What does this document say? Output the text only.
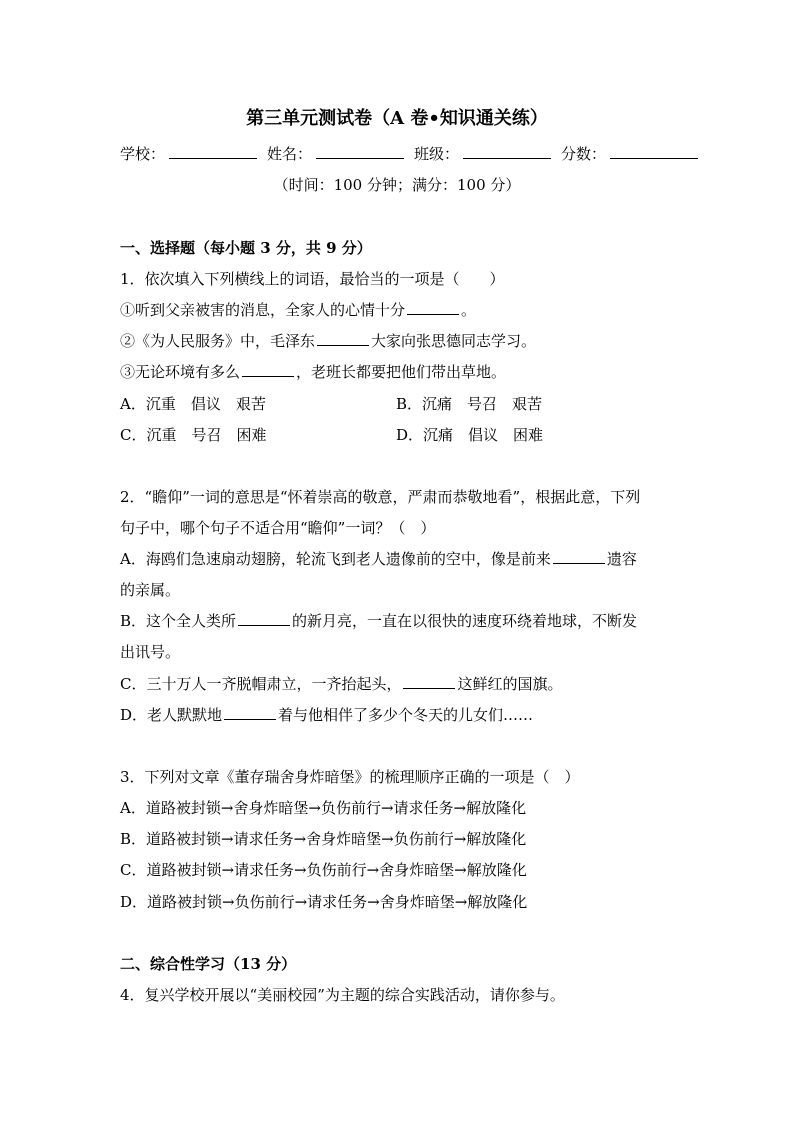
第三单元测试卷（A 卷•知识通关练）
学校：	姓名：	班级：	分数：
（时间：100 分钟；满分：100 分）
一、选择题（每小题 3 分，共 9 分）
1．依次填入下列横线上的词语，最恰当的一项是（　　）
①听到父亲被害的消息，全家人的心情十分	。
②《为人民服务》中，毛泽东	大家向张思德同志学习。
③无论环境有多么	，老班长都要把他们带出草地。
A．沉重　倡议　艰苦	B．沉痛　号召　艰苦
C．沉重　号召　困难	D．沉痛　倡议　困难
2．“瞻仰”一词的意思是“怀着崇高的敬意，严肃而恭敬地看”，根据此意，下列
句子中，哪个句子不适合用“瞻仰”一词？（　）
A．海鸥们急速扇动翅膀，轮流飞到老人遗像前的空中，像是前来	遗容
的亲属。
B．这个全人类所	的新月亮，一直在以很快的速度环绕着地球，不断发
出讯号。
C．三十万人一齐脱帽肃立，一齐抬起头，	这鲜红的国旗。
D．老人默默地	着与他相伴了多少个冬天的儿女们……
3．下列对文章《董存瑞舍身炸暗堡》的梳理顺序正确的一项是（　）
A．道路被封锁→舍身炸暗堡→负伤前行→请求任务→解放隆化
B．道路被封锁→请求任务→舍身炸暗堡→负伤前行→解放隆化
C．道路被封锁→请求任务→负伤前行→舍身炸暗堡→解放隆化
D．道路被封锁→负伤前行→请求任务→舍身炸暗堡→解放隆化
二、综合性学习（13 分）
4．复兴学校开展以“美丽校园”为主题的综合实践活动，请你参与。
